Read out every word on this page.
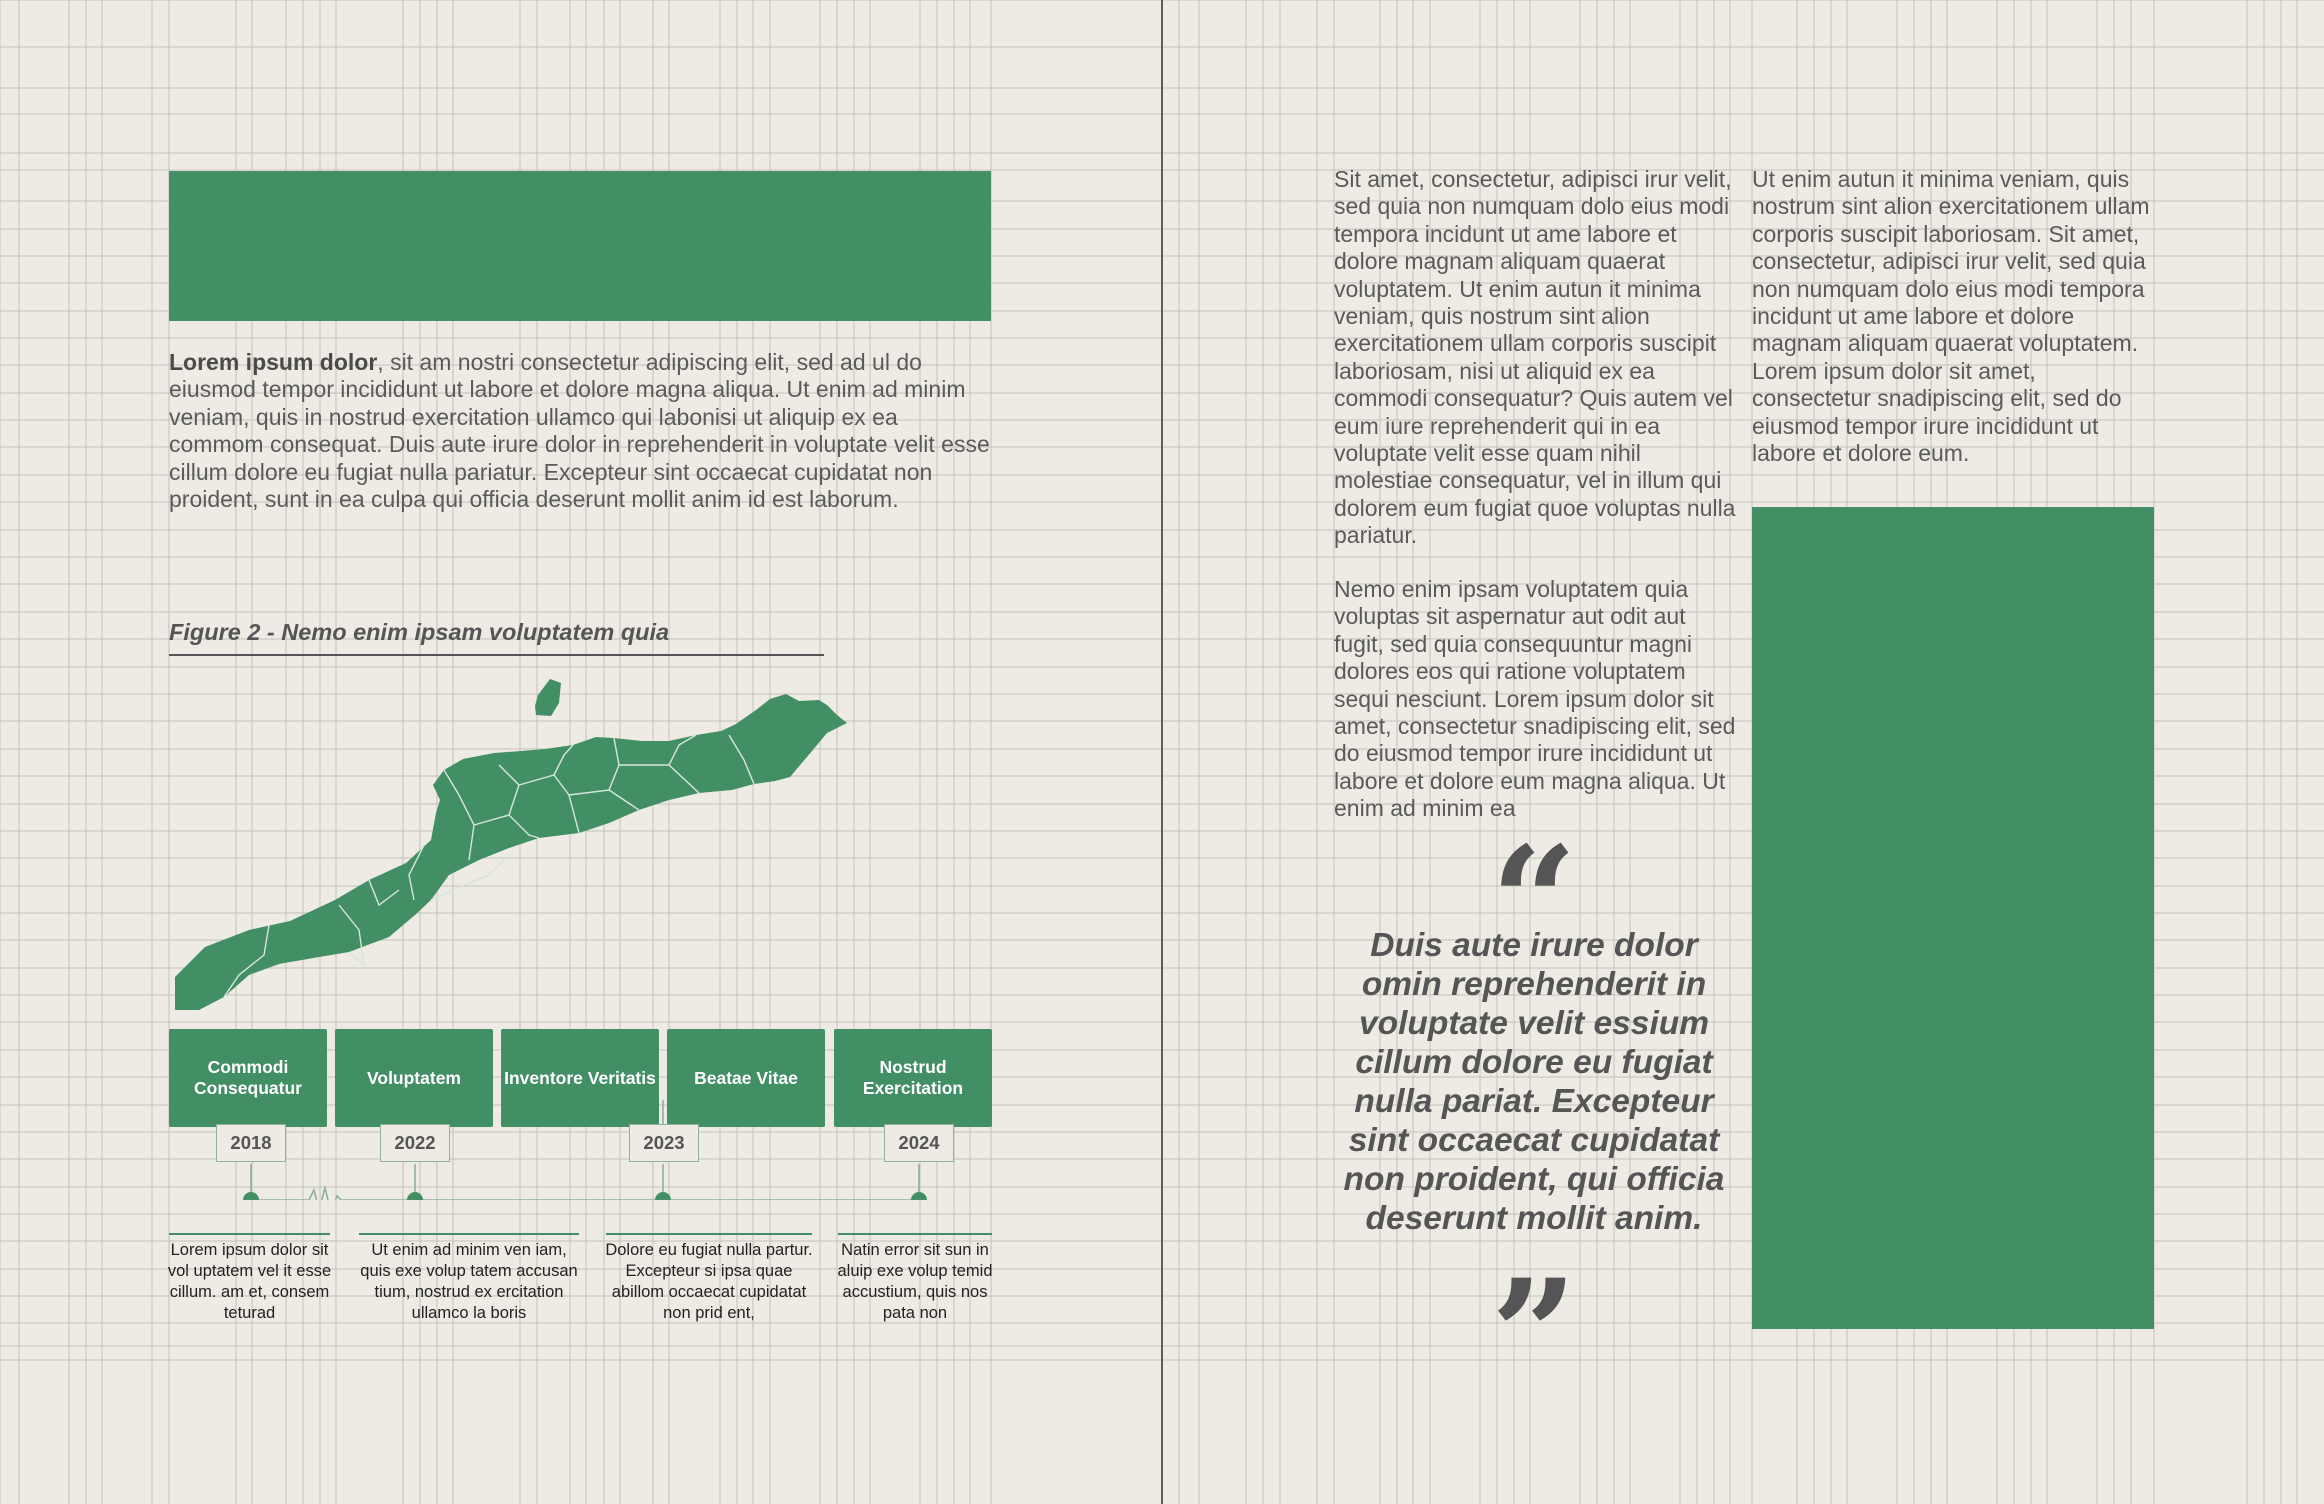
Lorem ipsum dolor, sit am nostri consectetur adipiscing elit, sed ad ul do eiusmod tempor incididunt ut labore et dolore magna aliqua. Ut enim ad minim veniam, quis in nostrud exercitation ullamco qui labonisi ut aliquip ex ea commom consequat. Duis aute irure dolor in reprehenderit in voluptate velit esse cillum dolore eu fugiat nulla pariatur. Excepteur sint occaecat cupidatat non proident, sunt in ea culpa qui officia deserunt mollit anim id est laborum.

Figure 2 - Nemo enim ipsam voluptatem quia
Commodi Consequatur
Voluptatem	Inventore Veritatis	Beatae Vitae
Nostrud Exercitation
2018	2022	2023	2024
Lorem ipsum dolor sit vol uptatem vel it esse cillum. am et, consem teturad
Ut enim ad minim ven iam, quis exe volup tatem accusan tium, nostrud ex ercitation ullamco la boris
Dolore eu fugiat nulla partur. Excepteur si ipsa quae abillom occaecat cupidatat non prid ent,
Natin error sit sun in aluip exe volup temid accustium, quis nos pata non

Sit amet, consectetur, adipisci irur velit, sed quia non numquam dolo eius modi tempora incidunt ut ame labore et dolore magnam aliquam quaerat voluptatem. Ut enim autun it minima veniam, quis nostrum sint alion exercitationem ullam corporis suscipit laboriosam, nisi ut aliquid ex ea commodi consequatur? Quis autem vel eum iure reprehenderit qui in ea voluptate velit esse quam nihil molestiae consequatur, vel in illum qui dolorem eum fugiat quoe voluptas nulla pariatur.

Nemo enim ipsam voluptatem quia voluptas sit aspernatur aut odit aut fugit, sed quia consequuntur magni dolores eos qui ratione voluptatem sequi nesciunt. Lorem ipsum dolor sit amet, consectetur snadipiscing elit, sed do eiusmod tempor irure incididunt ut labore et dolore eum magna aliqua. Ut enim ad minim ea

“
Duis aute irure dolor omin reprehenderit in voluptate velit essium cillum dolore eu fugiat nulla pariat. Excepteur sint occaecat cupidatat non proident, qui officia deserunt mollit anim.
”

Ut enim autun it minima veniam, quis nostrum sint alion exercitationem ullam corporis suscipit laboriosam. Sit amet, consectetur, adipisci irur velit, sed quia non numquam dolo eius modi tempora incidunt ut ame labore et dolore magnam aliquam quaerat voluptatem. Lorem ipsum dolor sit amet, consectetur snadipiscing elit, sed do eiusmod tempor irure incididunt ut labore et dolore eum.
